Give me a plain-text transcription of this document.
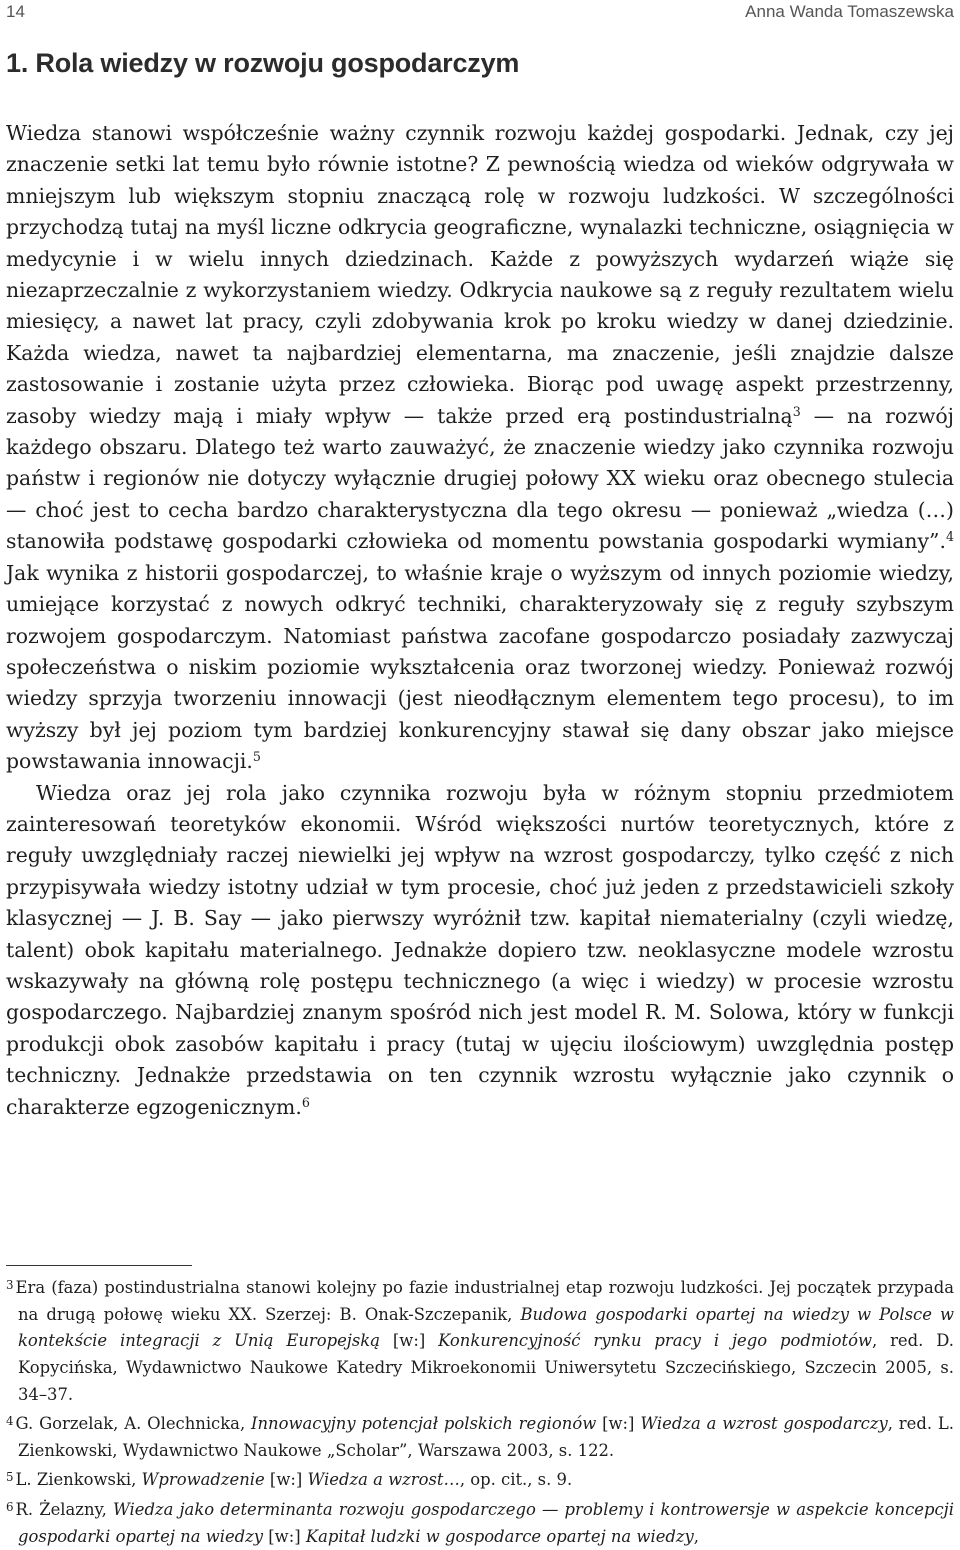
14	Anna Wanda Tomaszewska
1. Rola wiedzy w rozwoju gospodarczym

Wiedza stanowi współcześnie ważny czynnik rozwoju każdej gospodarki. Jednak, czy jej znaczenie setki lat temu było równie istotne? Z pewnością wiedza od wieków odgrywała w mniejszym lub większym stopniu znaczącą rolę w rozwoju ludzkości. W szczególności przychodzą tutaj na myśl liczne odkrycia geograficzne, wynalazki techniczne, osiągnięcia w medycynie i w wielu innych dziedzinach. Każde z powyższych wydarzeń wiąże się niezaprzeczalnie z wykorzystaniem wiedzy. Odkrycia naukowe są z reguły rezultatem wielu miesięcy, a nawet lat pracy, czyli zdobywania krok po kroku wiedzy w danej dziedzinie. Każda wiedza, nawet ta najbardziej elementarna, ma znaczenie, jeśli znajdzie dalsze zastosowanie i zostanie użyta przez człowieka. Biorąc pod uwagę aspekt przestrzenny, zasoby wiedzy mają i miały wpływ — także przed erą postindustrialną$^3$ — na rozwój każdego obszaru. Dlatego też warto zauważyć, że znaczenie wiedzy jako czynnika rozwoju państw i regionów nie dotyczy wyłącznie drugiej połowy XX wieku oraz obecnego stulecia — choć jest to cecha bardzo charakterystyczna dla tego okresu — ponieważ „wiedza (…) stanowiła podstawę gospodarki człowieka od momentu powstania gospodarki wymiany”.$^4$ Jak wynika z historii gospodarczej, to właśnie kraje o wyższym od innych poziomie wiedzy, umiejące korzystać z nowych odkryć techniki, charakteryzowały się z reguły szybszym rozwojem gospodarczym. Natomiast państwa zacofane gospodarczo posiadały zazwyczaj społeczeństwa o niskim poziomie wykształcenia oraz tworzonej wiedzy. Ponieważ rozwój wiedzy sprzyja tworzeniu innowacji (jest nieodłącznym elementem tego procesu), to im wyższy był jej poziom tym bardziej konkurencyjny stawał się dany obszar jako miejsce powstawania innowacji.$^5$

Wiedza oraz jej rola jako czynnika rozwoju była w różnym stopniu przedmiotem zainteresowań teoretyków ekonomii. Wśród większości nurtów teoretycznych, które z reguły uwzględniały raczej niewielki jej wpływ na wzrost gospodarczy, tylko część z nich przypisywała wiedzy istotny udział w tym procesie, choć już jeden z przedstawicieli szkoły klasycznej — J. B. Say — jako pierwszy wyróżnił tzw. kapitał niematerialny (czyli wiedzę, talent) obok kapitału materialnego. Jednakże dopiero tzw. neoklasyczne modele wzrostu wskazywały na główną rolę postępu technicznego (a więc i wiedzy) w procesie wzrostu gospodarczego. Najbardziej znanym spośród nich jest model R. M. Solowa, który w funkcji produkcji obok zasobów kapitału i pracy (tutaj w ujęciu ilościowym) uwzględnia postęp techniczny. Jednakże przedstawia on ten czynnik wzrostu wyłącznie jako czynnik o charakterze egzogenicznym.$^6$

$^3$ Era (faza) postindustrialna stanowi kolejny po fazie industrialnej etap rozwoju ludzkości. Jej początek przypada na drugą połowę wieku XX. Szerzej: B. Onak-Szczepanik, Budowa gospodarki opartej na wiedzy w Polsce w kontekście integracji z Unią Europejską [w:] Konkurencyjność rynku pracy i jego podmiotów, red. D. Kopycińska, Wydawnictwo Naukowe Katedry Mikroekonomii Uniwersytetu Szczecińskiego, Szczecin 2005, s. 34–37.

$^4$ G. Gorzelak, A. Olechnicka, Innowacyjny potencjał polskich regionów [w:] Wiedza a wzrost gospodarczy, red. L. Zienkowski, Wydawnictwo Naukowe „Scholar”, Warszawa 2003, s. 122.

$^5$ L. Zienkowski, Wprowadzenie [w:] Wiedza a wzrost…, op. cit., s. 9.

$^6$ R. Żelazny, Wiedza jako determinanta rozwoju gospodarczego — problemy i kontrowersje w aspekcie koncepcji gospodarki opartej na wiedzy [w:] Kapitał ludzki w gospodarce opartej na wiedzy,
